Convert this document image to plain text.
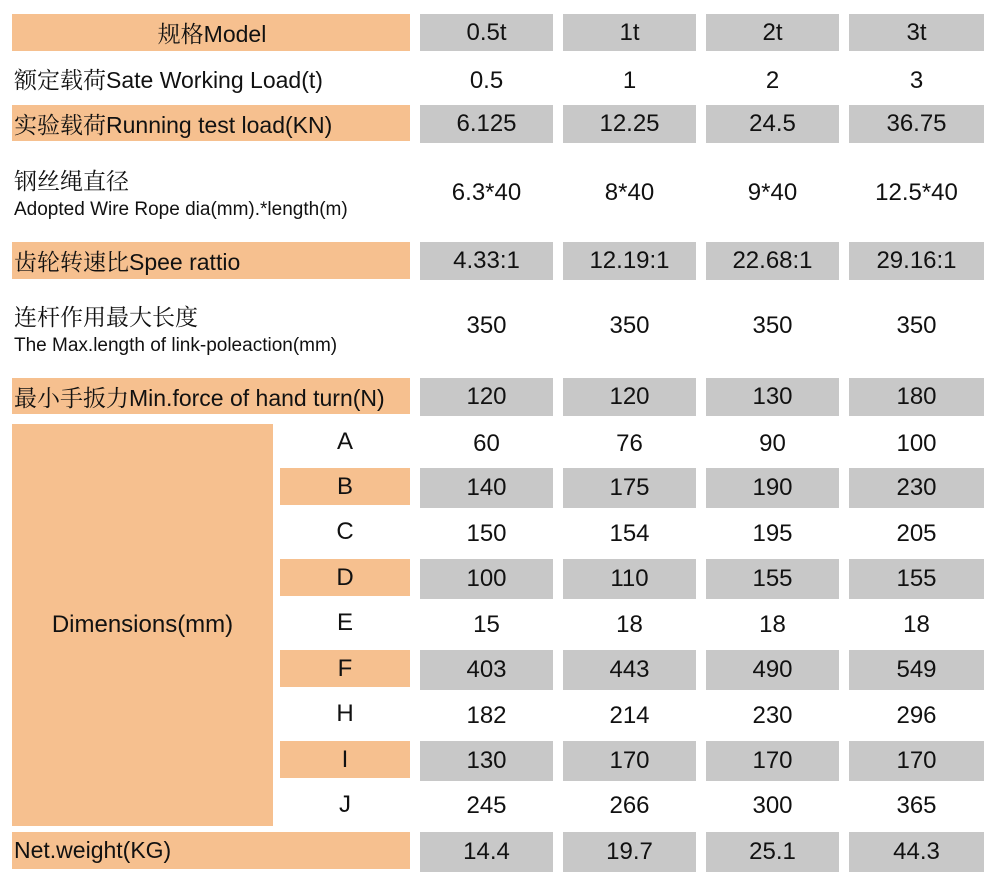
规格Model	0.5t	1t	2t	3t
额定载荷Sate Working Load(t)	0.5	1	2	3
实验载荷Running test load(KN)	6.125	12.25	24.5	36.75
钢丝绳直径
Adopted Wire Rope dia(mm).*length(m)
6.3*40	8*40	9*40	12.5*40
齿轮转速比Spee rattio	4.33:1	12.19:1	22.68:1	29.16:1
连杆作用最大长度
The Max.length of link-poleaction(mm)
350	350	350	350
最小手扳力Min.force of hand turn(N)	120	120	130	180
Dimensions(mm)
A	60	76	90	100
B	140	175	190	230
C	150	154	195	205
D	100	110	155	155
E	15	18	18	18
F	403	443	490	549
H	182	214	230	296
I	130	170	170	170
J	245	266	300	365
Net.weight(KG)	14.4	19.7	25.1	44.3
